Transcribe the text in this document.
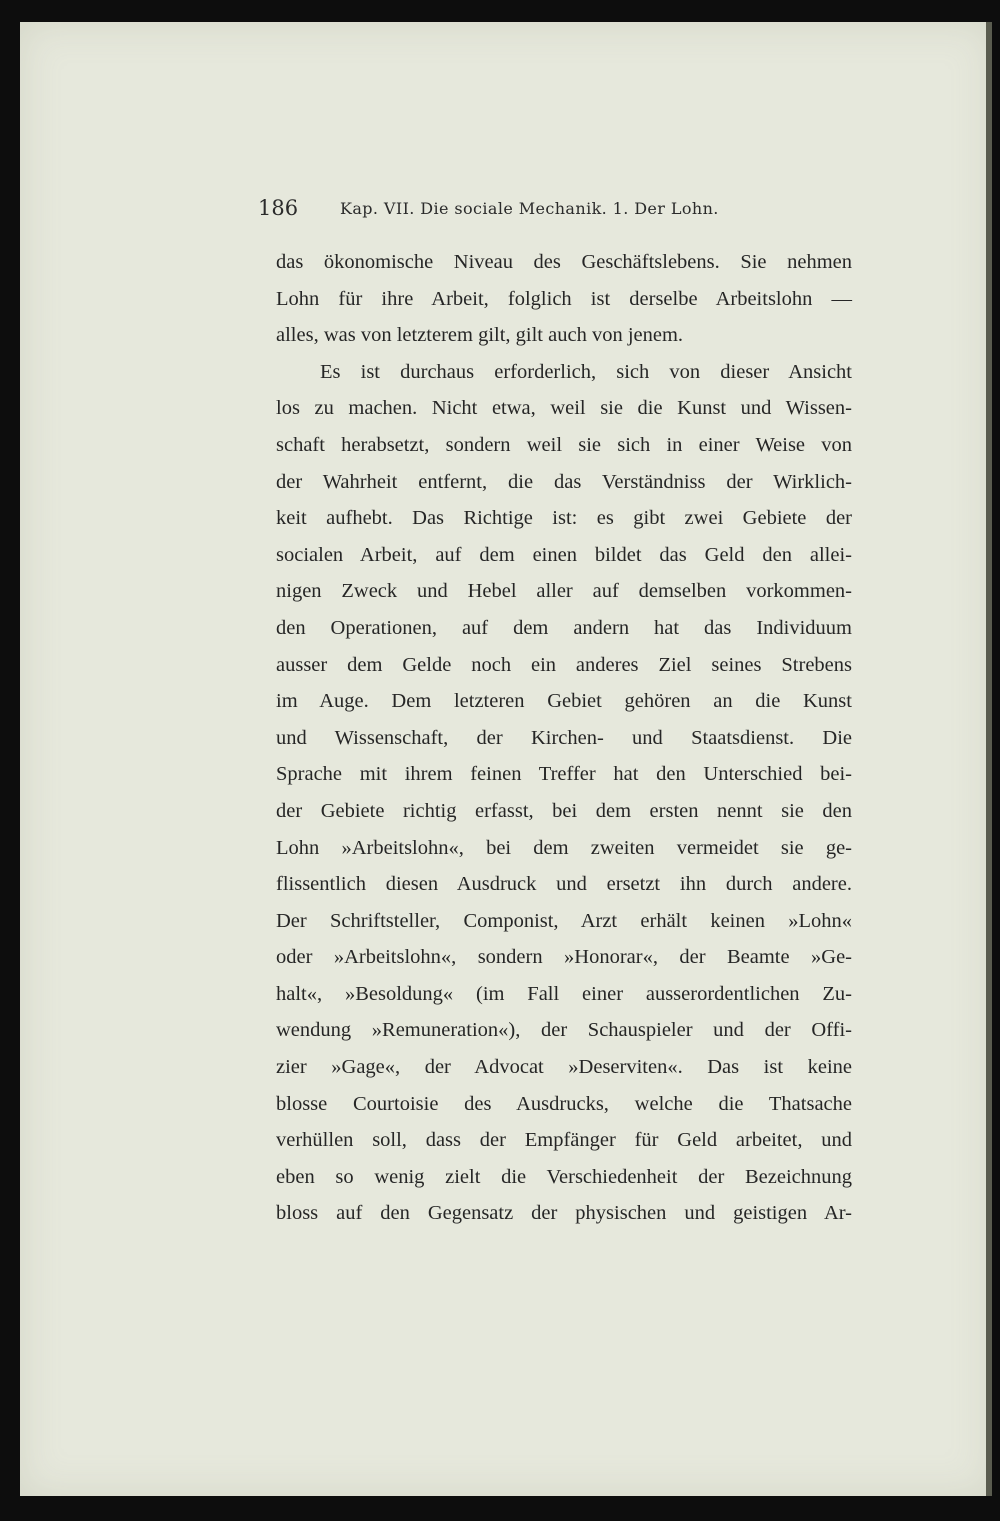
186	Kap. VII. Die sociale Mechanik. 1. Der Lohn.
das ökonomische Niveau des Geschäftslebens. Sie nehmen
Lohn für ihre Arbeit, folglich ist derselbe Arbeitslohn —
alles, was von letzterem gilt, gilt auch von jenem.
Es ist durchaus erforderlich, sich von dieser Ansicht
los zu machen. Nicht etwa, weil sie die Kunst und Wissen-
schaft herabsetzt, sondern weil sie sich in einer Weise von
der Wahrheit entfernt, die das Verständniss der Wirklich-
keit aufhebt. Das Richtige ist: es gibt zwei Gebiete der
socialen Arbeit, auf dem einen bildet das Geld den allei-
nigen Zweck und Hebel aller auf demselben vorkommen-
den Operationen, auf dem andern hat das Individuum
ausser dem Gelde noch ein anderes Ziel seines Strebens
im Auge. Dem letzteren Gebiet gehören an die Kunst
und Wissenschaft, der Kirchen- und Staatsdienst. Die
Sprache mit ihrem feinen Treffer hat den Unterschied bei-
der Gebiete richtig erfasst, bei dem ersten nennt sie den
Lohn »Arbeitslohn«, bei dem zweiten vermeidet sie ge-
flissentlich diesen Ausdruck und ersetzt ihn durch andere.
Der Schriftsteller, Componist, Arzt erhält keinen »Lohn«
oder »Arbeitslohn«, sondern »Honorar«, der Beamte »Ge-
halt«, »Besoldung« (im Fall einer ausserordentlichen Zu-
wendung »Remuneration«), der Schauspieler und der Offi-
zier »Gage«, der Advocat »Deserviten«. Das ist keine
blosse Courtoisie des Ausdrucks, welche die Thatsache
verhüllen soll, dass der Empfänger für Geld arbeitet, und
eben so wenig zielt die Verschiedenheit der Bezeichnung
bloss auf den Gegensatz der physischen und geistigen Ar-
